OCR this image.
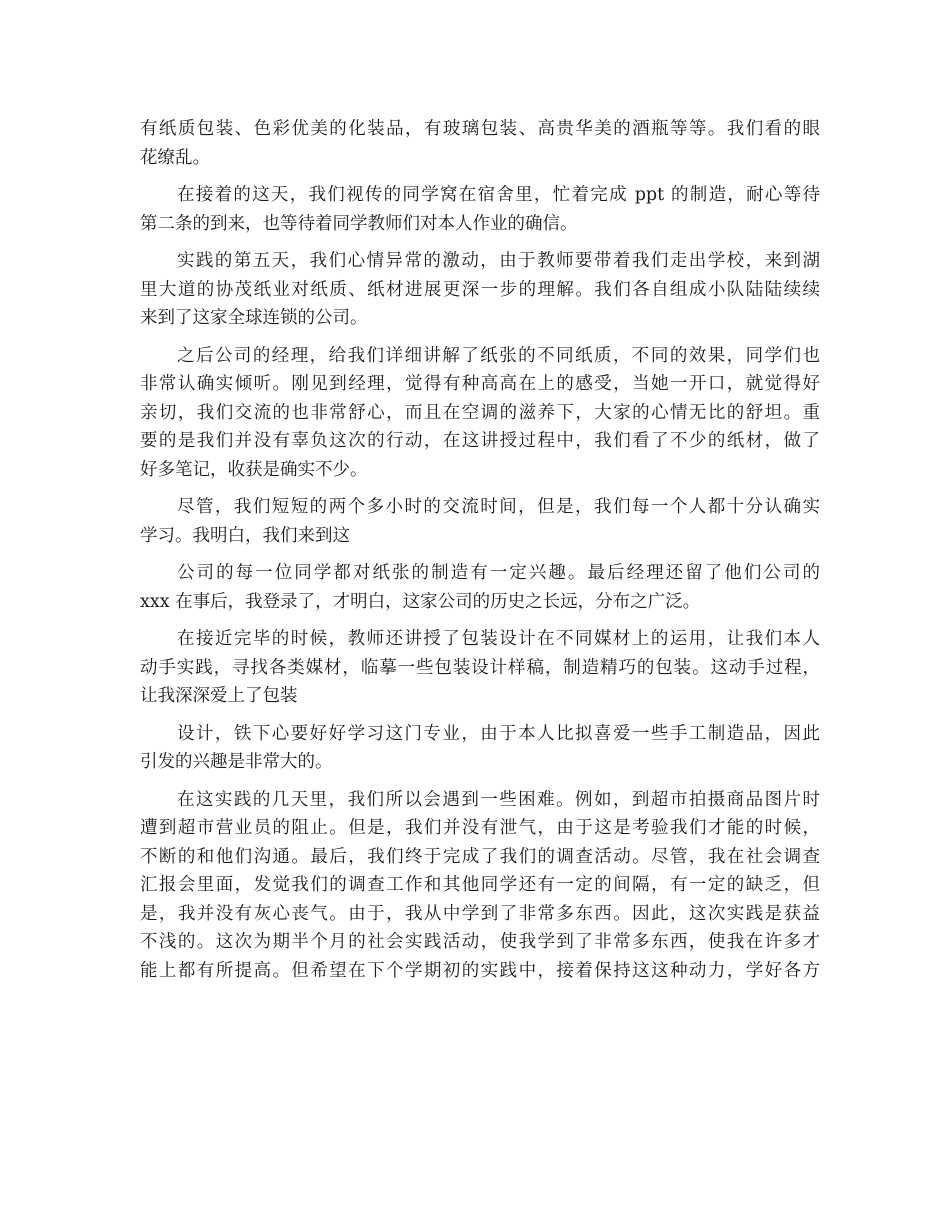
有纸质包装、色彩优美的化装品，有玻璃包装、高贵华美的酒瓶等等。我们看的眼
花缭乱。
在接着的这天，我们视传的同学窝在宿舍里，忙着完成 ppt 的制造，耐心等待
第二条的到来，也等待着同学教师们对本人作业的确信。
实践的第五天，我们心情异常的激动，由于教师要带着我们走出学校，来到湖
里大道的协茂纸业对纸质、纸材进展更深一步的理解。我们各自组成小队陆陆续续
来到了这家全球连锁的公司。
之后公司的经理，给我们详细讲解了纸张的不同纸质，不同的效果，同学们也
非常认确实倾听。刚见到经理，觉得有种高高在上的感受，当她一开口，就觉得好
亲切，我们交流的也非常舒心，而且在空调的滋养下，大家的心情无比的舒坦。重
要的是我们并没有辜负这次的行动，在这讲授过程中，我们看了不少的纸材，做了
好多笔记，收获是确实不少。
尽管，我们短短的两个多小时的交流时间，但是，我们每一个人都十分认确实
学习。我明白，我们来到这
公司的每一位同学都对纸张的制造有一定兴趣。最后经理还留了他们公司的
xxx 在事后，我登录了，才明白，这家公司的历史之长远，分布之广泛。
在接近完毕的时候，教师还讲授了包装设计在不同媒材上的运用，让我们本人
动手实践，寻找各类媒材，临摹一些包装设计样稿，制造精巧的包装。这动手过程，
让我深深爱上了包装
设计，铁下心要好好学习这门专业，由于本人比拟喜爱一些手工制造品，因此
引发的兴趣是非常大的。
在这实践的几天里，我们所以会遇到一些困难。例如，到超市拍摄商品图片时
遭到超市营业员的阻止。但是，我们并没有泄气，由于这是考验我们才能的时候，
不断的和他们沟通。最后，我们终于完成了我们的调查活动。尽管，我在社会调查
汇报会里面，发觉我们的调查工作和其他同学还有一定的间隔，有一定的缺乏，但
是，我并没有灰心丧气。由于，我从中学到了非常多东西。因此，这次实践是获益
不浅的。这次为期半个月的社会实践活动，使我学到了非常多东西，使我在许多才
能上都有所提高。但希望在下个学期初的实践中，接着保持这这种动力，学好各方
